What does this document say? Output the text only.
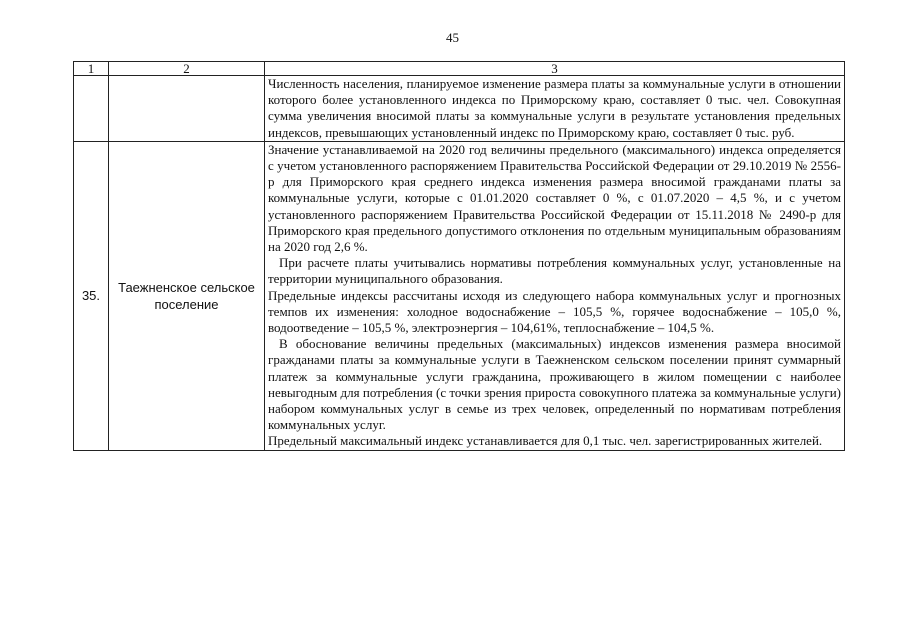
45
1	2	3

		Численность населения, планируемое изменение размера платы за коммунальные услуги в отношении которого более установленного индекса по Приморскому краю, составляет 0 тыс. чел. Совокупная сумма увеличения вносимой платы за коммунальные услуги в результате установления предельных индексов, превышающих установленный индекс по Приморскому краю, составляет 0 тыс. руб.

35.	Таежненское сельское поселение	Значение устанавливаемой на 2020 год величины предельного (максимального) индекса определяется с учетом установленного распоряжением Правительства Российской Федерации от 29.10.2019 № 2556-р для Приморского края среднего индекса изменения размера вносимой гражданами платы за коммунальные услуги, которые с 01.01.2020 составляет 0 %, с 01.07.2020 – 4,5 %, и с учетом установленного распоряжением Правительства Российской Федерации от 15.11.2018 № 2490-р для Приморского края предельного допустимого отклонения по отдельным муниципальным образованиям на 2020 год 2,6 %.

При расчете платы учитывались нормативы потребления коммунальных услуг, установленные на территории муниципального образования.

Предельные индексы рассчитаны исходя из следующего набора коммунальных услуг и прогнозных темпов их изменения: холодное водоснабжение – 105,5 %, горячее водоснабжение – 105,0 %, водоотведение – 105,5 %, электроэнергия – 104,61%, теплоснабжение – 104,5 %.

В обоснование величины предельных (максимальных) индексов изменения размера вносимой гражданами платы за коммунальные услуги в Таежненском сельском поселении принят суммарный платеж за коммунальные услуги гражданина, проживающего в жилом помещении с наиболее невыгодным для потребления (с точки зрения прироста совокупного платежа за коммунальные услуги) набором коммунальных услуг в семье из трех человек, определенный по нормативам потребления коммунальных услуг.

Предельный максимальный индекс устанавливается для 0,1 тыс. чел. зарегистрированных жителей.
